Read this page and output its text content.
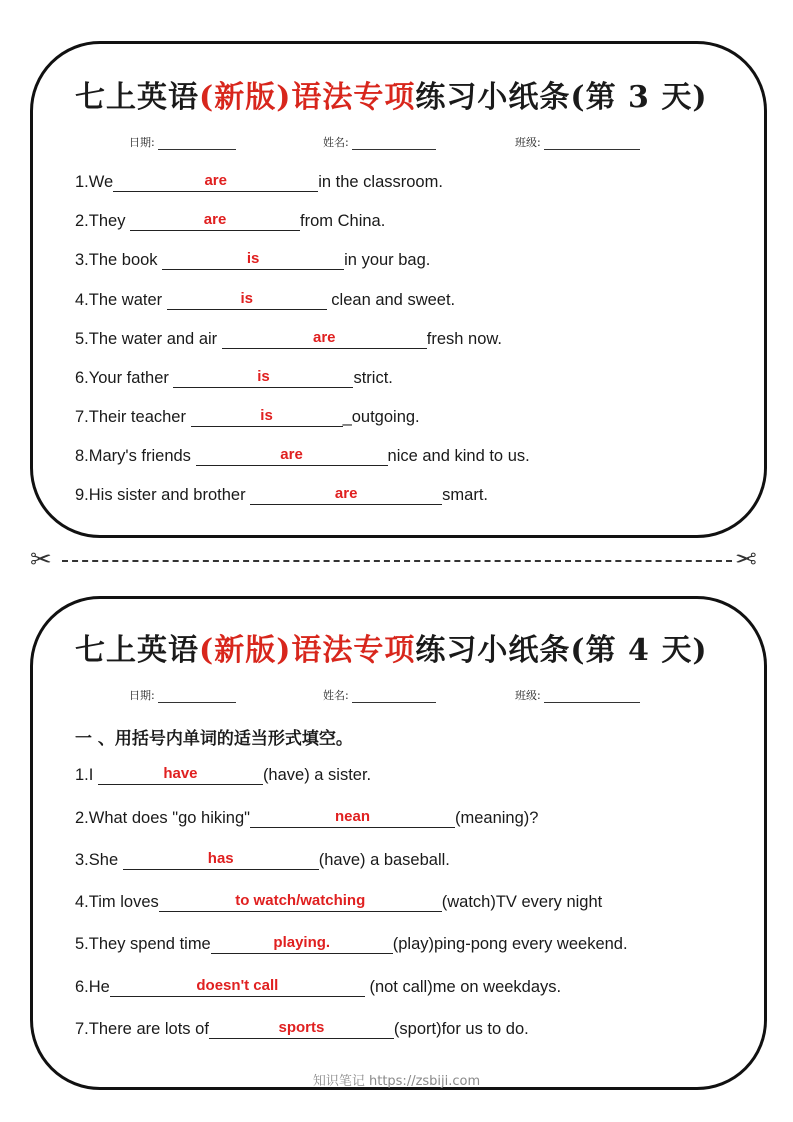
七上英语(新版)语法专项练习小纸条(第 3 天)
日期:	姓名:	班级:
1.We	are	in the classroom.
2.They	are	from China.
3.The book	is	in your bag.
4.The water	is	clean and sweet.
5.The water and air	are	fresh now.
6.Your father	is	strict.
7.Their teacher	is	_outgoing.
8.Mary's friends	are	nice and kind to us.
9.His sister and brother	are	smart.
✂	✂
七上英语(新版)语法专项练习小纸条(第 4 天)
日期:	姓名:	班级:
一 、用括号内单词的适当形式填空。
1.I	have	(have) a sister.
2.What does "go hiking"	nean	(meaning)?
3.She	has	(have) a baseball.
4.Tim loves	to watch/watching	(watch)TV every night
5.They spend time	playing.	(play)ping-pong every weekend.
6.He	doesn't call	(not call)me on weekdays.
7.There are lots of	sports	(sport)for us to do.
知识笔记 https://zsbiji.com
